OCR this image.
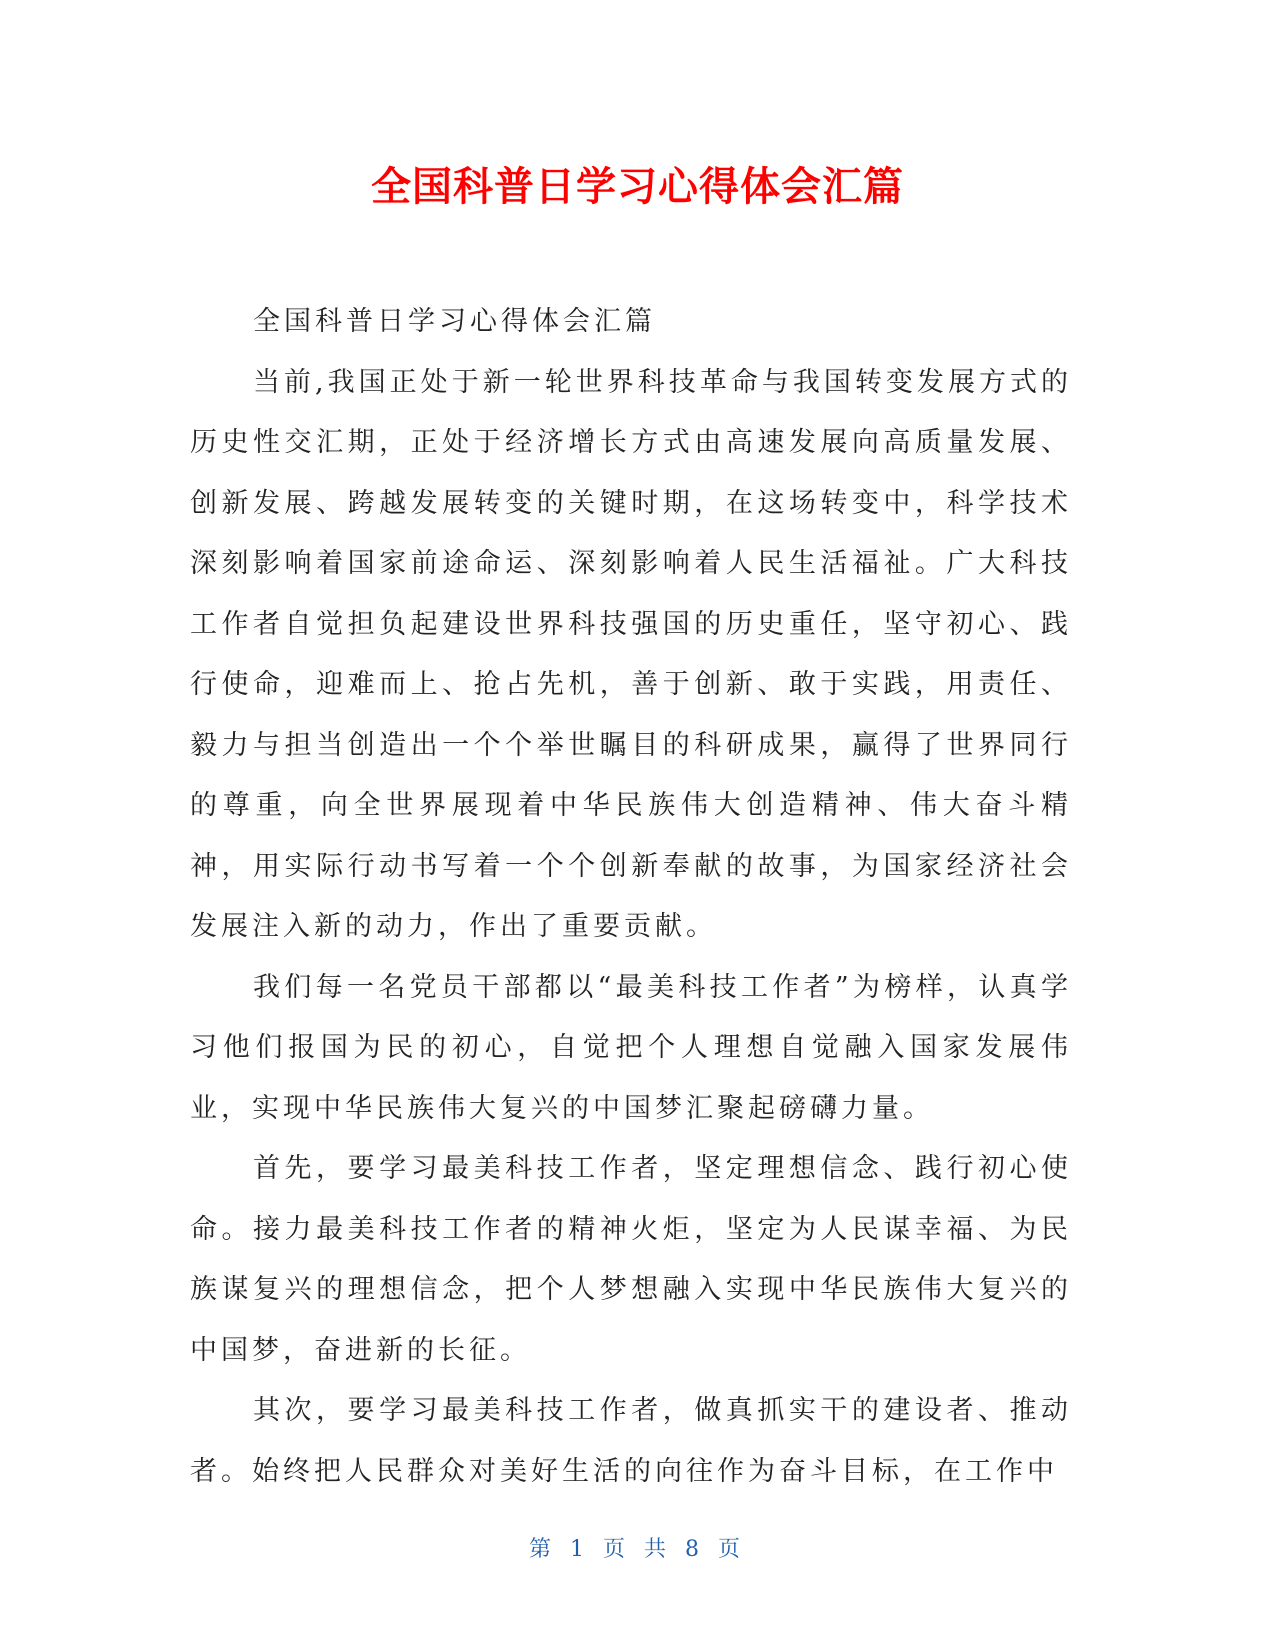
全国科普日学习心得体会汇篇

全国科普日学习心得体会汇篇

当前,我国正处于新一轮世界科技革命与我国转变发展方式的历史性交汇期，正处于经济增长方式由高速发展向高质量发展、创新发展、跨越发展转变的关键时期，在这场转变中，科学技术深刻影响着国家前途命运、深刻影响着人民生活福祉。广大科技工作者自觉担负起建设世界科技强国的历史重任，坚守初心、践行使命，迎难而上、抢占先机，善于创新、敢于实践，用责任、毅力与担当创造出一个个举世瞩目的科研成果，赢得了世界同行的尊重，向全世界展现着中华民族伟大创造精神、伟大奋斗精神，用实际行动书写着一个个创新奉献的故事，为国家经济社会发展注入新的动力，作出了重要贡献。

我们每一名党员干部都以“最美科技工作者”为榜样，认真学习他们报国为民的初心，自觉把个人理想自觉融入国家发展伟业，实现中华民族伟大复兴的中国梦汇聚起磅礴力量。

首先，要学习最美科技工作者，坚定理想信念、践行初心使命。接力最美科技工作者的精神火炬，坚定为人民谋幸福、为民族谋复兴的理想信念，把个人梦想融入实现中华民族伟大复兴的中国梦，奋进新的长征。

其次，要学习最美科技工作者，做真抓实干的建设者、推动者。始终把人民群众对美好生活的向往作为奋斗目标，在工作中

第 1 页 共 8 页
